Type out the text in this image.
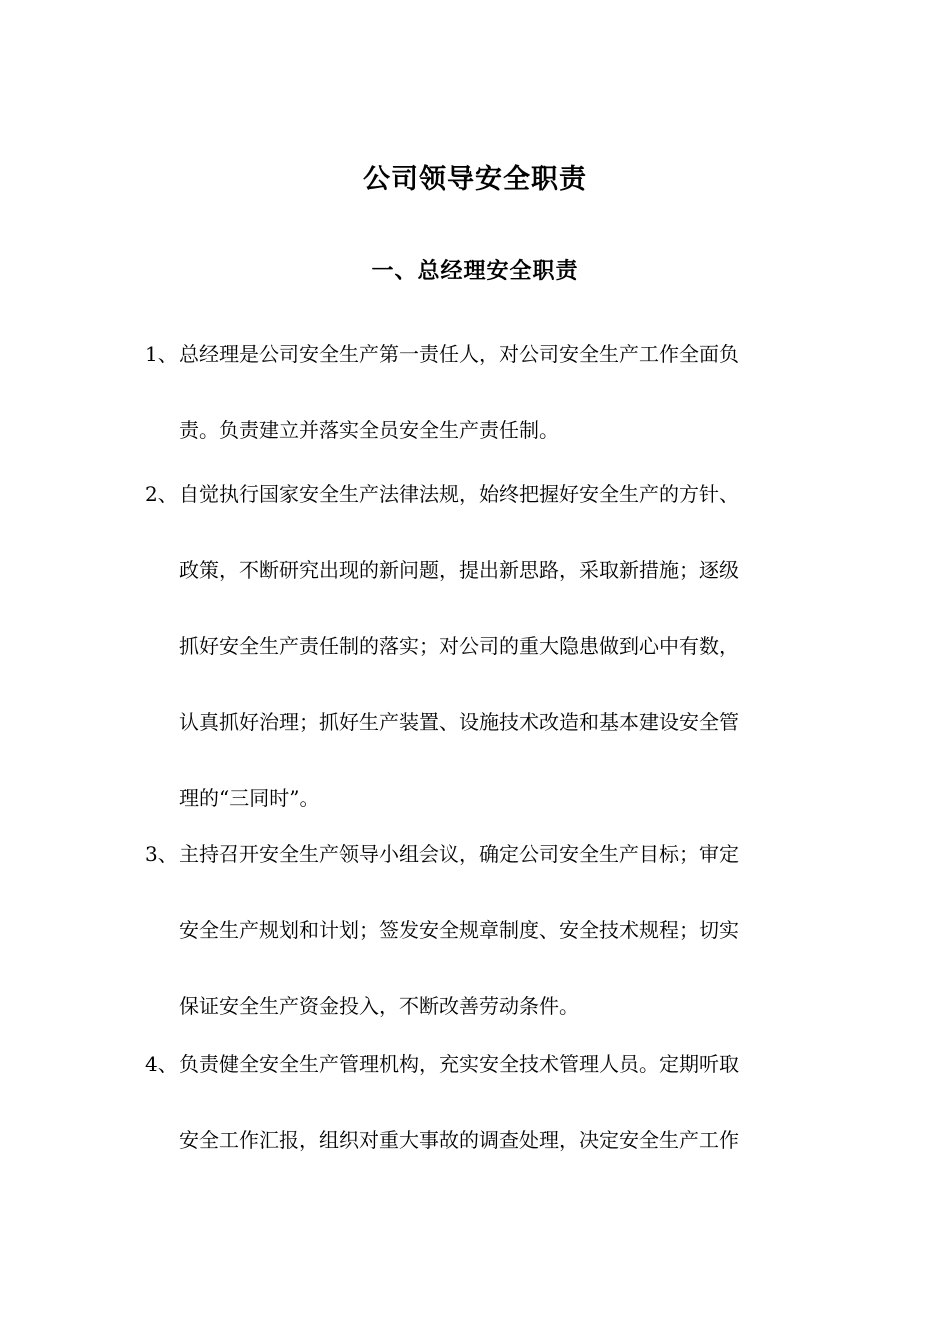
公司领导安全职责
一、总经理安全职责
1、总经理是公司安全生产第一责任人，对公司安全生产工作全面负
责。负责建立并落实全员安全生产责任制。
2、自觉执行国家安全生产法律法规，始终把握好安全生产的方针、
政策，不断研究出现的新问题，提出新思路，采取新措施；逐级
抓好安全生产责任制的落实；对公司的重大隐患做到心中有数，
认真抓好治理；抓好生产装置、设施技术改造和基本建设安全管
理的“三同时”。
3、主持召开安全生产领导小组会议，确定公司安全生产目标；审定
安全生产规划和计划；签发安全规章制度、安全技术规程；切实
保证安全生产资金投入，不断改善劳动条件。
4、负责健全安全生产管理机构，充实安全技术管理人员。定期听取
安全工作汇报，组织对重大事故的调查处理，决定安全生产工作
